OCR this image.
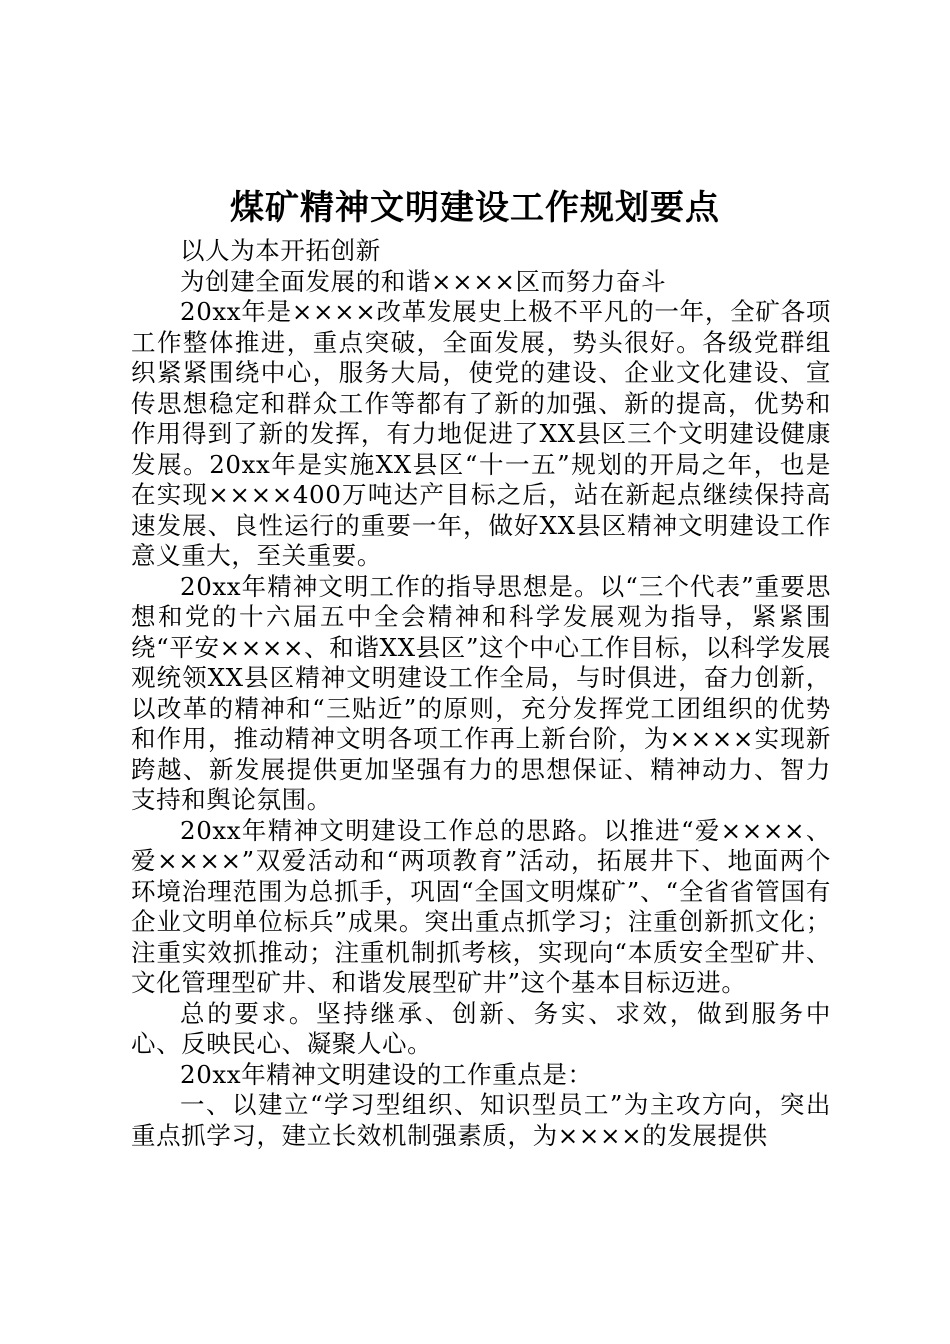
煤矿精神文明建设工作规划要点

以人为本开拓创新

为创建全面发展的和谐××××区而努力奋斗

20xx年是××××改革发展史上极不平凡的一年，全矿各项工作整体推进，重点突破，全面发展，势头很好。各级党群组织紧紧围绕中心，服务大局，使党的建设、企业文化建设、宣传思想稳定和群众工作等都有了新的加强、新的提高，优势和作用得到了新的发挥，有力地促进了XX县区三个文明建设健康发展。20xx年是实施XX县区“十一五”规划的开局之年，也是在实现××××400万吨达产目标之后，站在新起点继续保持高速发展、良性运行的重要一年，做好XX县区精神文明建设工作意义重大，至关重要。

20xx年精神文明工作的指导思想是。以“三个代表”重要思想和党的十六届五中全会精神和科学发展观为指导，紧紧围绕“平安××××、和谐XX县区”这个中心工作目标，以科学发展观统领XX县区精神文明建设工作全局，与时俱进，奋力创新，以改革的精神和“三贴近”的原则，充分发挥党工团组织的优势和作用，推动精神文明各项工作再上新台阶，为××××实现新跨越、新发展提供更加坚强有力的思想保证、精神动力、智力支持和舆论氛围。

20xx年精神文明建设工作总的思路。以推进“爱××××、爱××××”双爱活动和“两项教育”活动，拓展井下、地面两个环境治理范围为总抓手，巩固“全国文明煤矿”、“全省省管国有企业文明单位标兵”成果。突出重点抓学习；注重创新抓文化；注重实效抓推动；注重机制抓考核，实现向“本质安全型矿井、文化管理型矿井、和谐发展型矿井”这个基本目标迈进。

总的要求。坚持继承、创新、务实、求效，做到服务中心、反映民心、凝聚人心。

20xx年精神文明建设的工作重点是：

一、以建立“学习型组织、知识型员工”为主攻方向，突出重点抓学习，建立长效机制强素质，为××××的发展提供
